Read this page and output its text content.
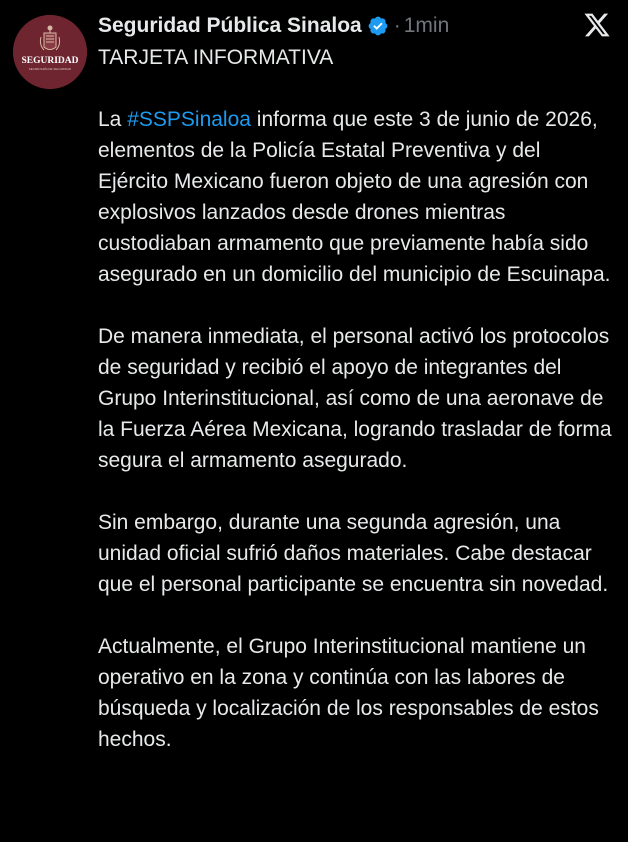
SEGURIDAD
SECRETARÍA DE SEGURIDAD
Seguridad Pública Sinaloa · 1min

TARJETA INFORMATIVA

La #SSPSinaloa informa que este 3 de junio de 2026, elementos de la Policía Estatal Preventiva y del Ejército Mexicano fueron objeto de una agresión con explosivos lanzados desde drones mientras custodiaban armamento que previamente había sido asegurado en un domicilio del municipio de Escuinapa.

De manera inmediata, el personal activó los protocolos de seguridad y recibió el apoyo de integrantes del Grupo Interinstitucional, así como de una aeronave de la Fuerza Aérea Mexicana, logrando trasladar de forma segura el armamento asegurado.

Sin embargo, durante una segunda agresión, una unidad oficial sufrió daños materiales. Cabe destacar que el personal participante se encuentra sin novedad.

Actualmente, el Grupo Interinstitucional mantiene un operativo en la zona y continúa con las labores de búsqueda y localización de los responsables de estos hechos.
